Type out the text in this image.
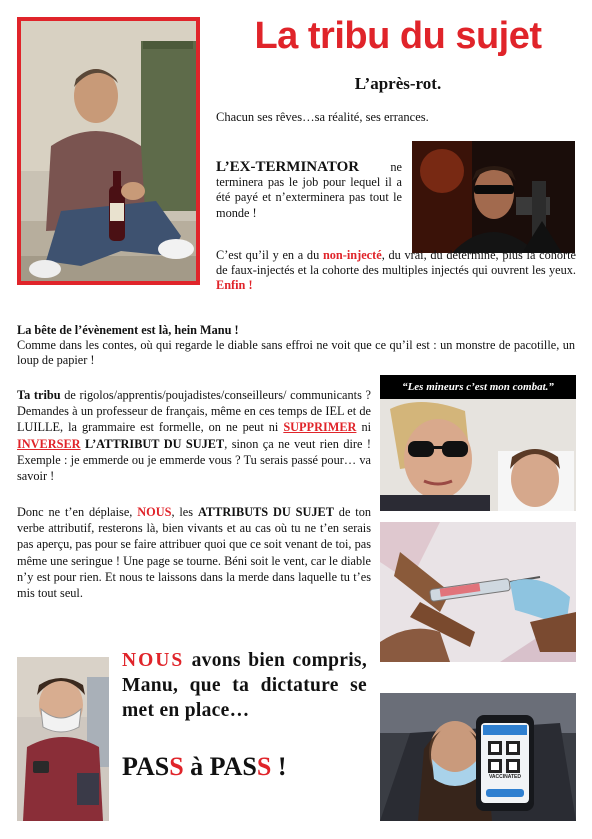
La tribu du sujet
L’après-rot.
Chacun ses rêves…sa réalité, ses errances.
L’EX-TERMINATOR ne terminera pas le job pour lequel il a été payé et n’exterminera pas tout le monde !
C’est qu’il y en a du non-injecté, du vrai, du déterminé, plus la cohorte de faux-injectés et la cohorte des multiples injectés qui ouvrent les yeux. Enfin !
La bête de l’évènement est là, hein Manu !
Comme dans les contes, où qui regarde le diable sans effroi ne voit que ce qu’il est : un monstre de pacotille, un loup de papier !
Ta tribu de rigolos/apprentis/poujadistes/conseilleurs/ communicants ? Demandes à un professeur de français, même en ces temps de IEL et de LUILLE, la grammaire est formelle, on ne peut ni SUPPRIMER ni INVERSER L’ATTRIBUT DU SUJET, sinon ça ne veut rien dire ! Exemple : je emmerde ou je emmerde vous ? Tu serais passé pour… va savoir !
“Les mineurs c’est mon combat.”
Donc ne t’en déplaise, NOUS, les ATTRIBUTS DU SUJET de ton verbe attributif, resterons là, bien vivants et au cas où tu ne t’en serais pas aperçu, pas pour se faire attribuer quoi que ce soit venant de toi, pas même une seringue ! Une page se tourne. Béni soit le vent, car le diable n’y est pour rien. Et nous te laissons dans la merde dans laquelle tu t’es mis tout seul.
NOUS avons bien compris, Manu, que ta dictature se met en place…
PASS à PASS !	VACCINATED
